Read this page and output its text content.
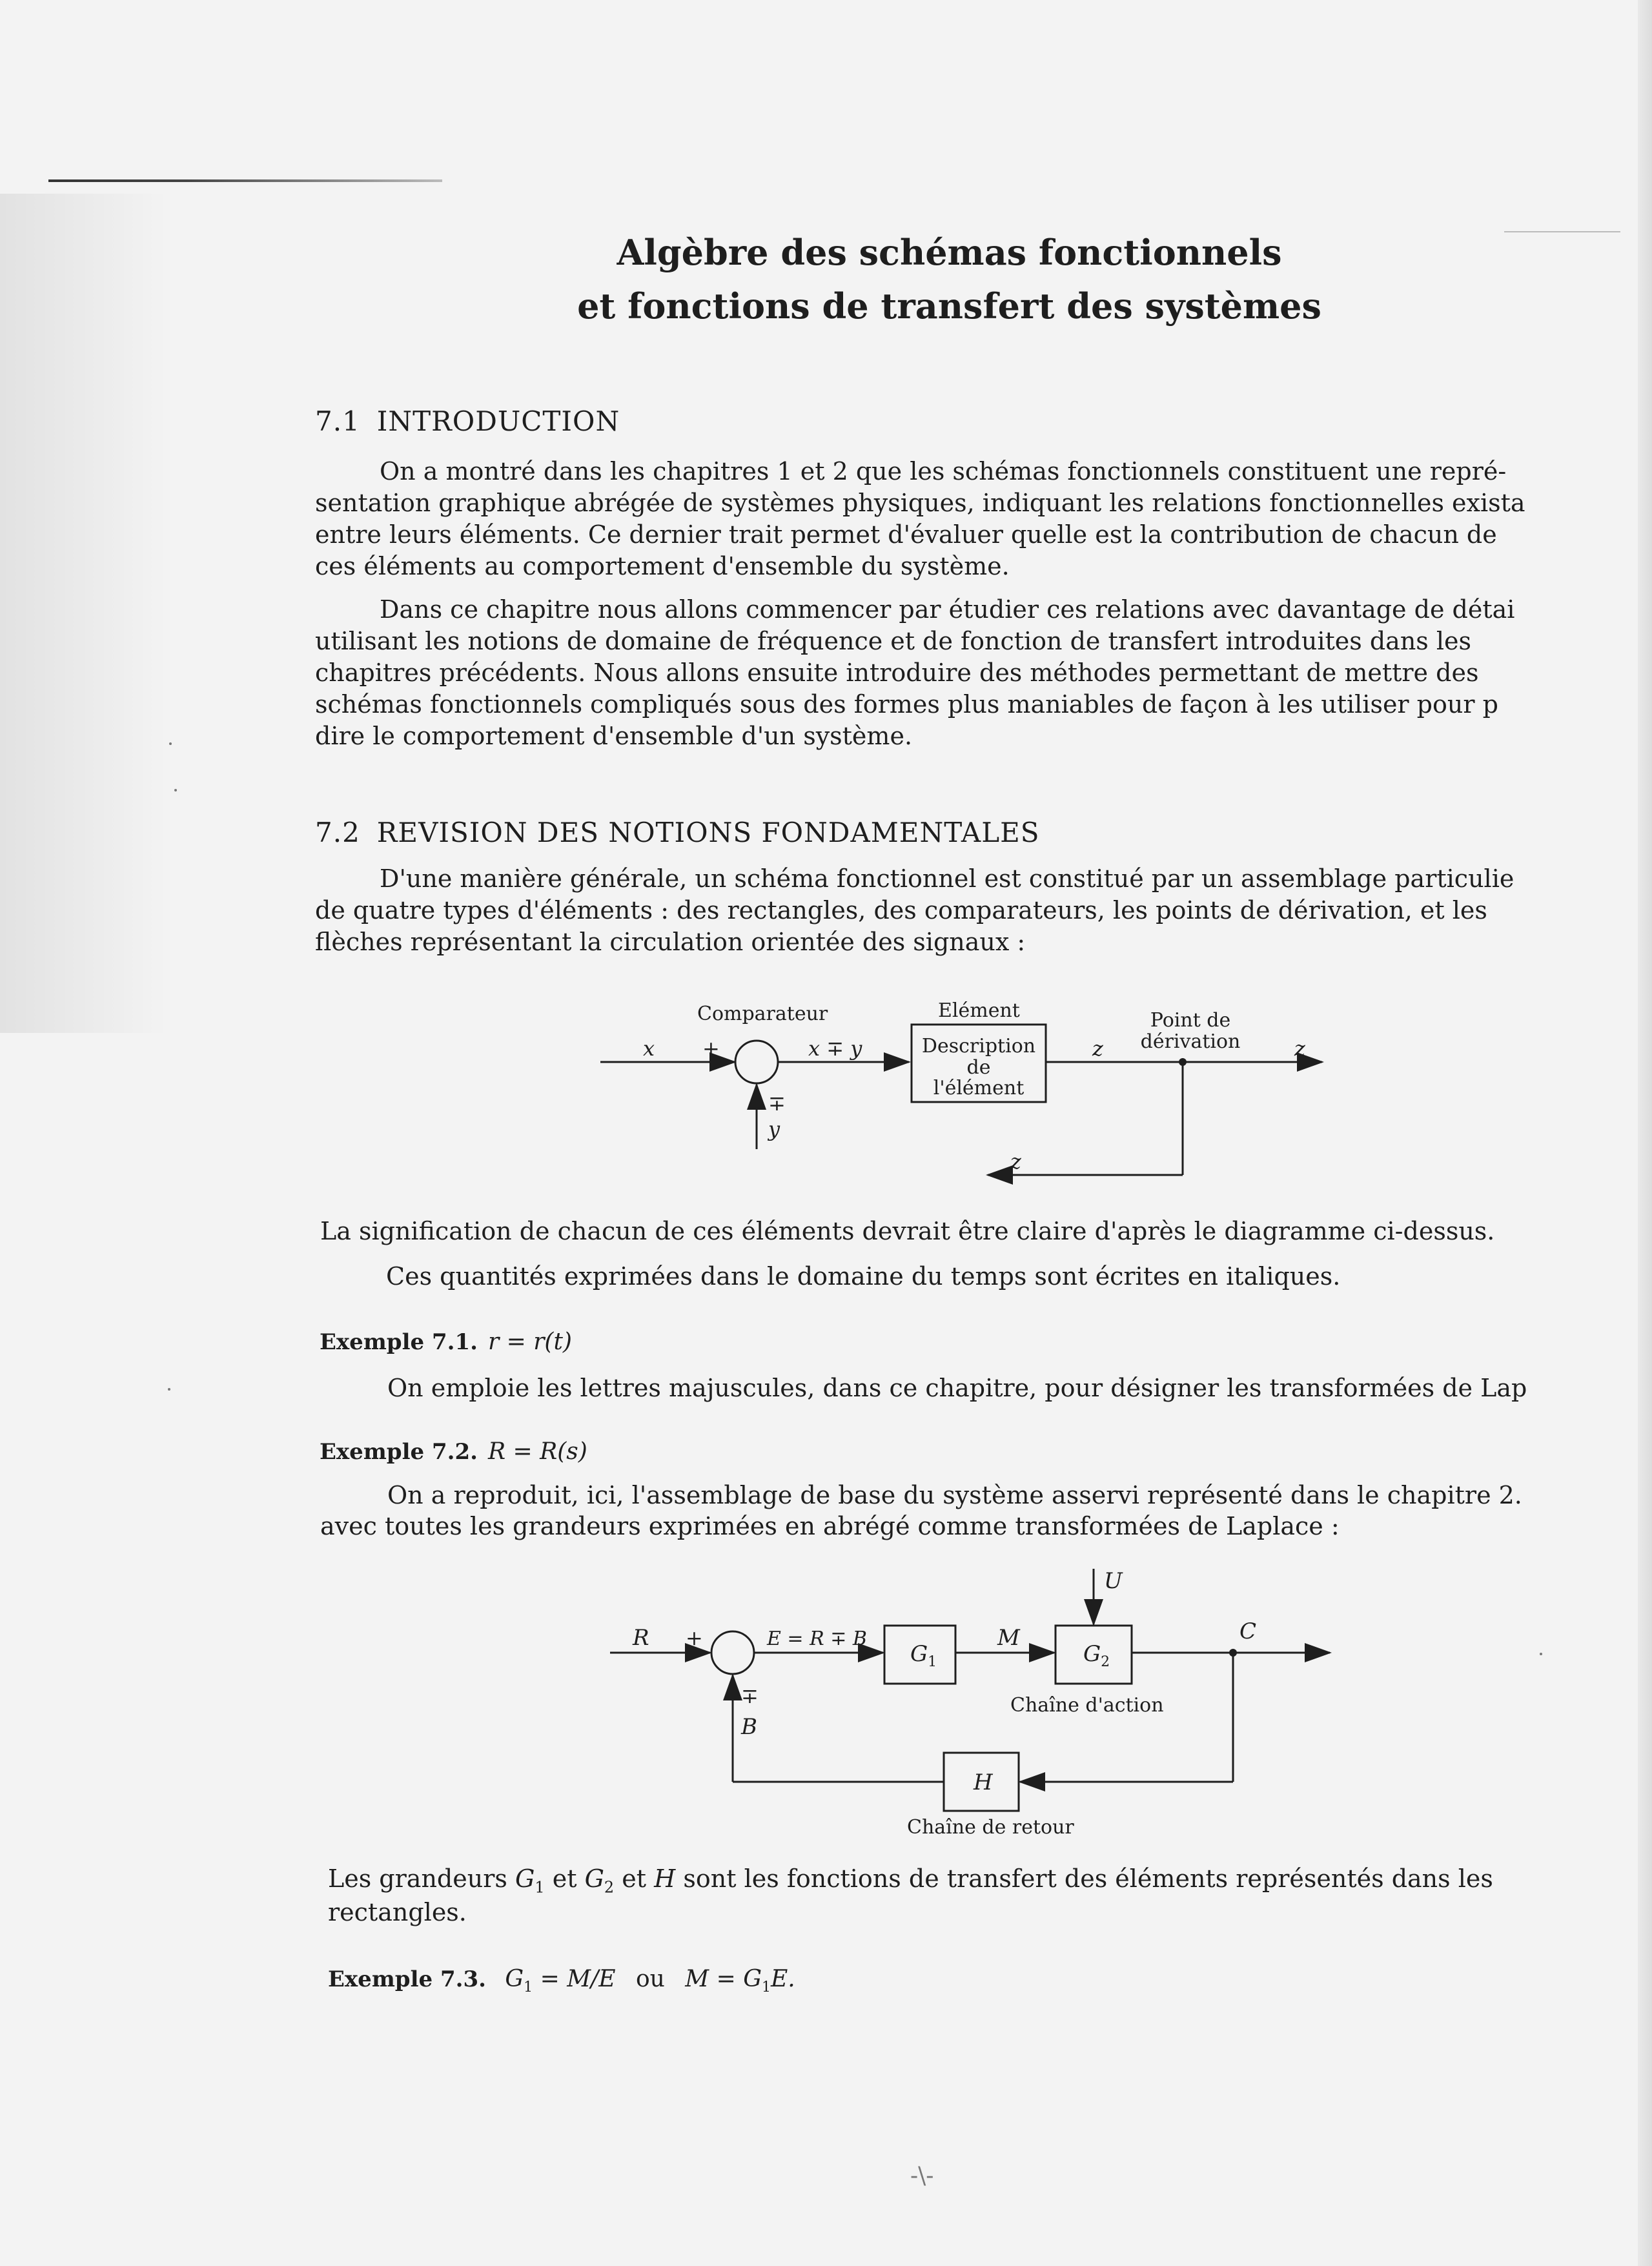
Algèbre des schémas fonctionnels
et fonctions de transfert des systèmes
7.1 INTRODUCTION

On a montré dans les chapitres 1 et 2 que les schémas fonctionnels constituent une repré-

sentation graphique abrégée de systèmes physiques, indiquant les relations fonctionnelles exista
entre leurs éléments. Ce dernier trait permet d'évaluer quelle est la contribution de chacun de
ces éléments au comportement d'ensemble du système.

Dans ce chapitre nous allons commencer par étudier ces relations avec davantage de détai

utilisant les notions de domaine de fréquence et de fonction de transfert introduites dans les
chapitres précédents. Nous allons ensuite introduire des méthodes permettant de mettre des
schémas fonctionnels compliqués sous des formes plus maniables de façon à les utiliser pour p
dire le comportement d'ensemble d'un système.

7.2 REVISION DES NOTIONS FONDAMENTALES

D'une manière générale, un schéma fonctionnel est constitué par un assemblage particulie

de quatre types d'éléments : des rectangles, des comparateurs, les points de dérivation, et les
flèches représentant la circulation orientée des signaux :

Comparateur	Elément
Description
de
l'élément
Point de
dérivation
x +	x ∓ y	z	z
z
∓
y
La signification de chacun de ces éléments devrait être claire d'après le diagramme ci-dessus.
Ces quantités exprimées dans le domaine du temps sont écrites en italiques.
Exemple 7.1. r = r(t)
On emploie les lettres majuscules, dans ce chapitre, pour désigner les transformées de Lap
Exemple 7.2. R = R(s)
On a reproduit, ici, l'assemblage de base du système asservi représenté dans le chapitre 2.
avec toutes les grandeurs exprimées en abrégé comme transformées de Laplace :
R +	E = R ∓ B
$G_1$
M
$G_2$
U
C
∓
B
H
Chaîne d'action
Chaîne de retour
Les grandeurs $G_1$ et $G_2$ et H sont les fonctions de transfert des éléments représentés dans les
rectangles.
Exemple 7.3. $G_1 = M/E$ ou $M = G_1E$.
-\-
